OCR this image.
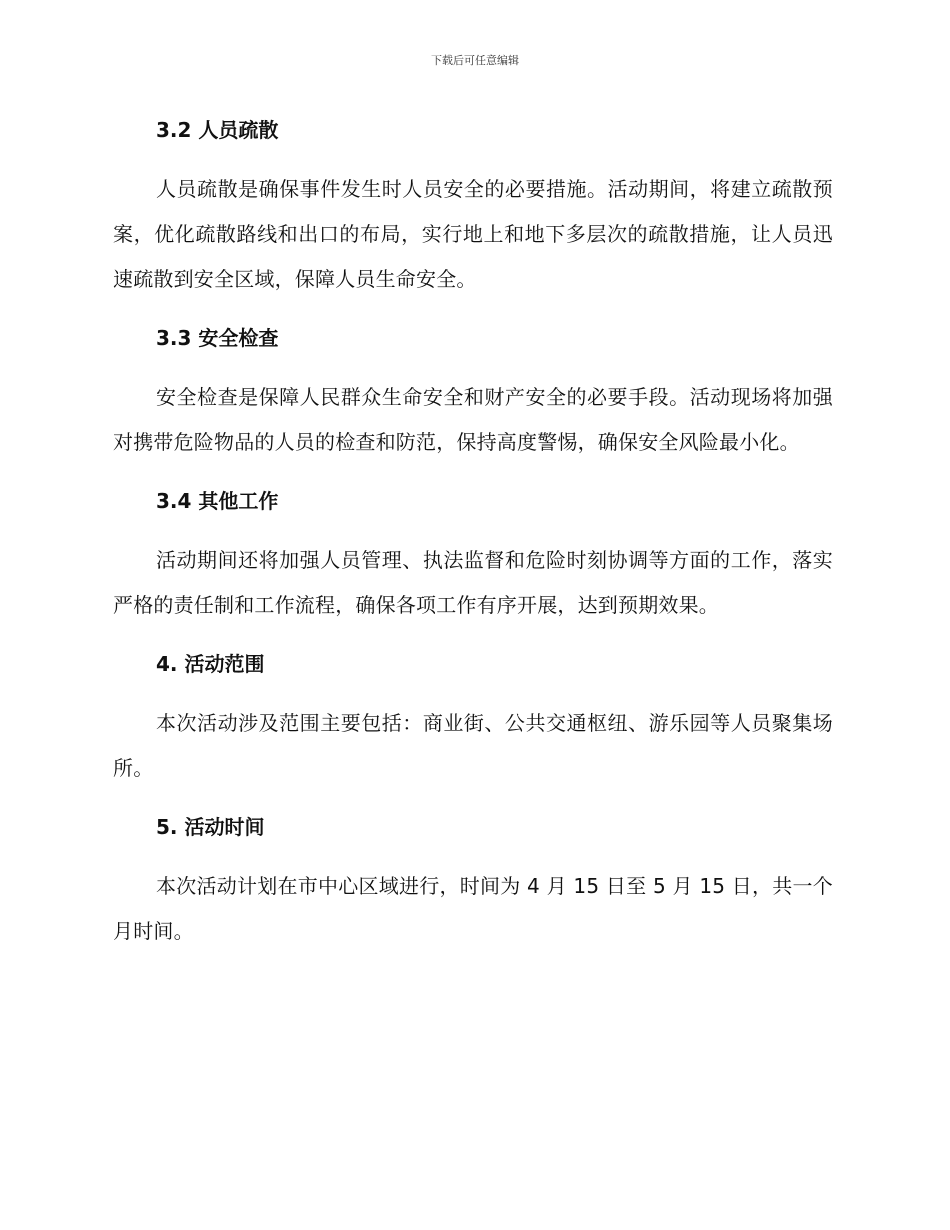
下载后可任意编辑
3.2 人员疏散

人员疏散是确保事件发生时人员安全的必要措施。活动期间，将建立疏散预案，优化疏散路线和出口的布局，实行地上和地下多层次的疏散措施，让人员迅速疏散到安全区域，保障人员生命安全。

3.3 安全检查

安全检查是保障人民群众生命安全和财产安全的必要手段。活动现场将加强对携带危险物品的人员的检查和防范，保持高度警惕，确保安全风险最小化。

3.4 其他工作

活动期间还将加强人员管理、执法监督和危险时刻协调等方面的工作，落实严格的责任制和工作流程，确保各项工作有序开展，达到预期效果。

4. 活动范围

本次活动涉及范围主要包括：商业街、公共交通枢纽、游乐园等人员聚集场所。

5. 活动时间

本次活动计划在市中心区域进行，时间为 4 月 15 日至 5 月 15 日，共一个月时间。
